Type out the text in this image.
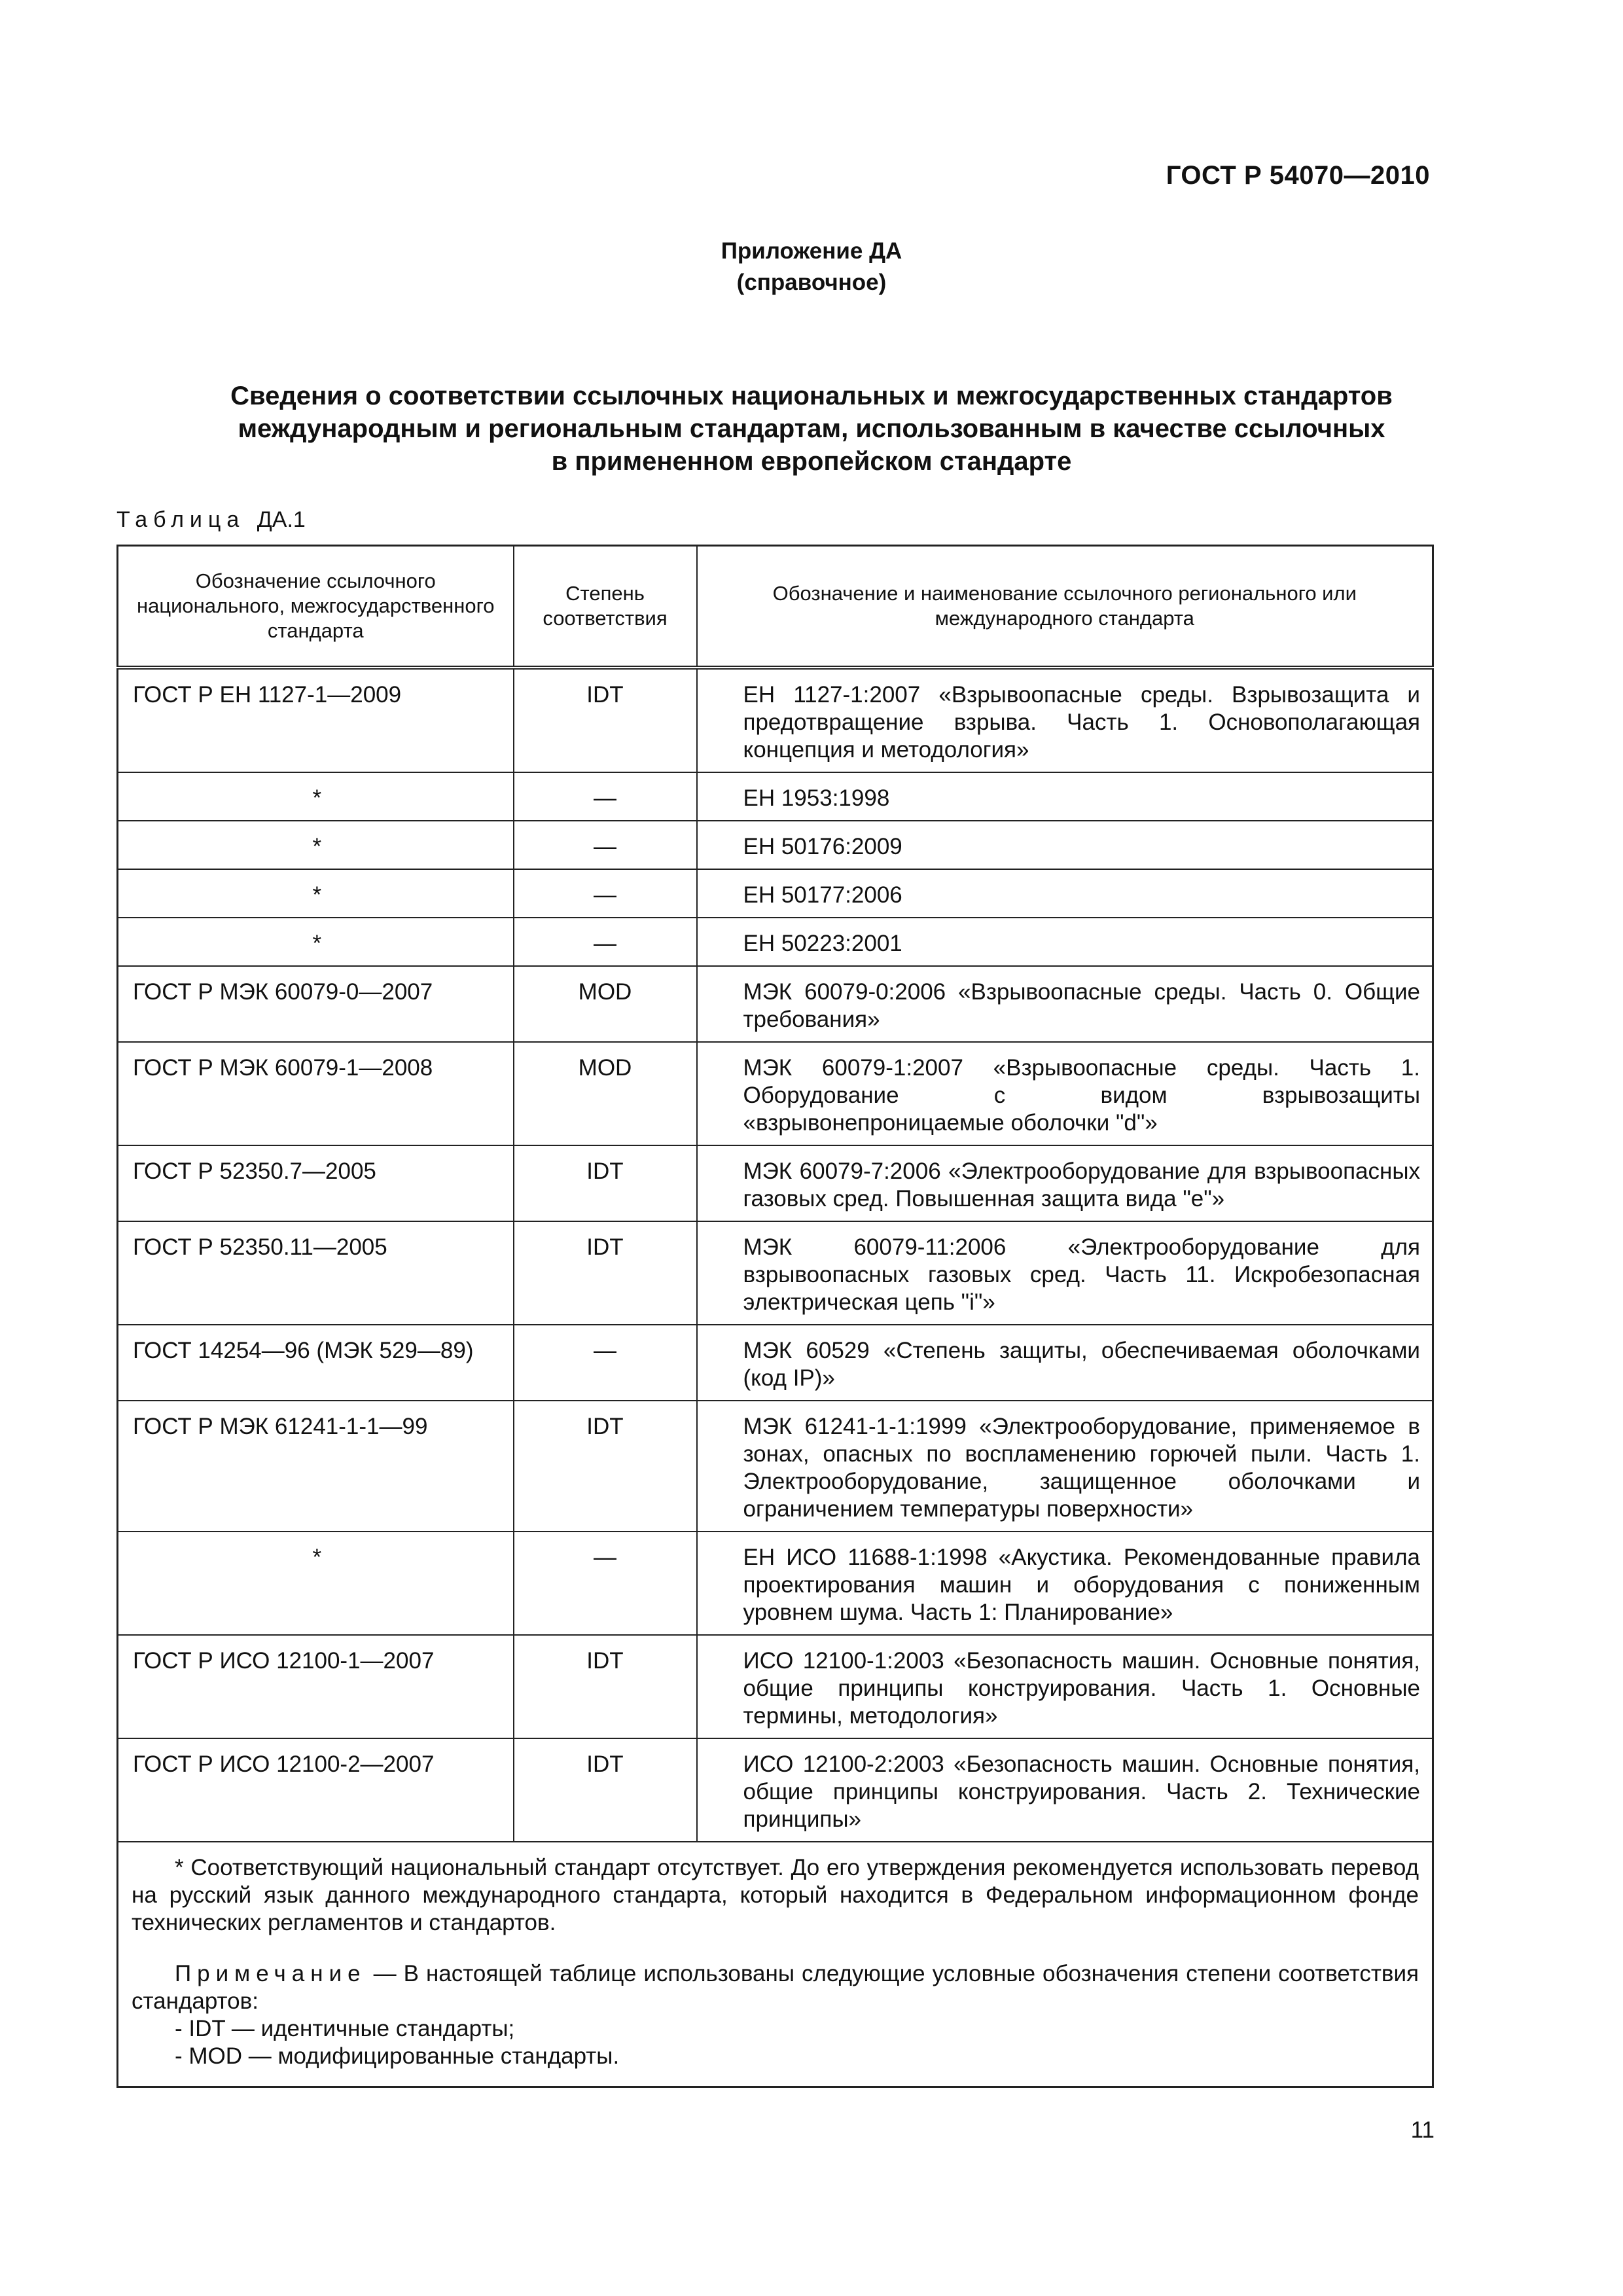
ГОСТ Р 54070—2010
Приложение ДА
(справочное)
Сведения о соответствии ссылочных национальных и межгосударственных стандартов
международным и региональным стандартам, использованным в качестве ссылочных
в примененном европейском стандарте
Таблица ДА.1
Обозначение ссылочного национального, межгосударственного стандарта	Степень соответствия	Обозначение и наименование ссылочного регионального или международного стандарта
ГОСТ Р ЕН 1127-1—2009	IDT	ЕН 1127-1:2007 «Взрывоопасные среды. Взрывозащита и предотвращение взрыва. Часть 1. Основополагающая концепция и методология»
*	—	ЕН 1953:1998
*	—	ЕН 50176:2009
*	—	ЕН 50177:2006
*	—	ЕН 50223:2001
ГОСТ Р МЭК 60079-0—2007	MOD	МЭК 60079-0:2006 «Взрывоопасные среды. Часть 0. Общие требования»
ГОСТ Р МЭК 60079-1—2008	MOD	МЭК 60079-1:2007 «Взрывоопасные среды. Часть 1. Оборудование с видом взрывозащиты «взрывонепроницаемые оболочки "d"»
ГОСТ Р 52350.7—2005	IDT	МЭК 60079-7:2006 «Электрооборудование для взрывоопасных газовых сред. Повышенная защита вида "е"»
ГОСТ Р 52350.11—2005	IDT	МЭК 60079-11:2006 «Электрооборудование для взрывоопасных газовых сред. Часть 11. Искробезопасная электрическая цепь "i"»
ГОСТ 14254—96 (МЭК 529—89)	—	МЭК 60529 «Степень защиты, обеспечиваемая оболочками (код IP)»
ГОСТ Р МЭК 61241-1-1—99	IDT	МЭК 61241-1-1:1999 «Электрооборудование, применяемое в зонах, опасных по воспламенению горючей пыли. Часть 1. Электрооборудование, защищенное оболочками и ограничением температуры поверхности»
*	—	ЕН ИСО 11688-1:1998 «Акустика. Рекомендованные правила проектирования машин и оборудования с пониженным уровнем шума. Часть 1: Планирование»
ГОСТ Р ИСО 12100-1—2007	IDT	ИСО 12100-1:2003 «Безопасность машин. Основные понятия, общие принципы конструирования. Часть 1. Основные термины, методология»
ГОСТ Р ИСО 12100-2—2007	IDT	ИСО 12100-2:2003 «Безопасность машин. Основные понятия, общие принципы конструирования. Часть 2. Технические принципы»

* Соответствующий национальный стандарт отсутствует. До его утверждения рекомендуется использовать перевод на русский язык данного международного стандарта, который находится в Федеральном информационном фонде технических регламентов и стандартов.

Примечание — В настоящей таблице использованы следующие условные обозначения степени соответствия стандартов:

- IDT — идентичные стандарты;

- MOD — модифицированные стандарты.		

11
